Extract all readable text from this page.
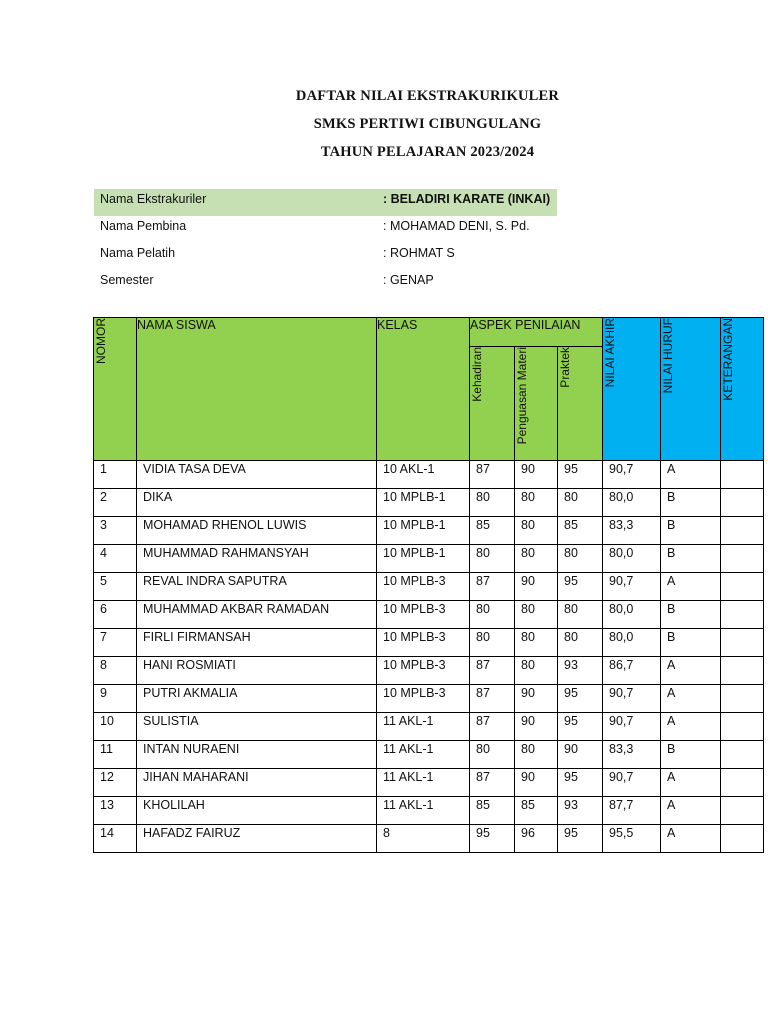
DAFTAR NILAI EKSTRAKURIKULER
SMKS PERTIWI CIBUNGULANG
TAHUN PELAJARAN 2023/2024
Nama Ekstrakuriler	: BELADIRI KARATE (INKAI)
Nama Pembina	: MOHAMAD DENI, S. Pd.
Nama Pelatih	: ROHMAT S
Semester	: GENAP
NOMOR	NAMA SISWA	KELAS	ASPEK PENILAIAN			NILAI AKHIR	NILAI HURUF	KETERANGAN
			Kehadiran	Penguasan Materi	Praktek			

1	VIDIA TASA DEVA	10 AKL-1	87	90	95	90,7	A	

2	DIKA	10 MPLB-1	80	80	80	80,0	B	

3	MOHAMAD RHENOL LUWIS	10 MPLB-1	85	80	85	83,3	B	

4	MUHAMMAD RAHMANSYAH	10 MPLB-1	80	80	80	80,0	B	

5	REVAL INDRA SAPUTRA	10 MPLB-3	87	90	95	90,7	A	

6	MUHAMMAD AKBAR RAMADAN	10 MPLB-3	80	80	80	80,0	B	

7	FIRLI FIRMANSAH	10 MPLB-3	80	80	80	80,0	B	

8	HANI ROSMIATI	10 MPLB-3	87	80	93	86,7	A	

9	PUTRI AKMALIA	10 MPLB-3	87	90	95	90,7	A	

10	SULISTIA	11 AKL-1	87	90	95	90,7	A	

11	INTAN NURAENI	11 AKL-1	80	80	90	83,3	B	

12	JIHAN MAHARANI	11 AKL-1	87	90	95	90,7	A	

13	KHOLILAH	11 AKL-1	85	85	93	87,7	A	

14	HAFADZ FAIRUZ	8	95	96	95	95,5	A	
